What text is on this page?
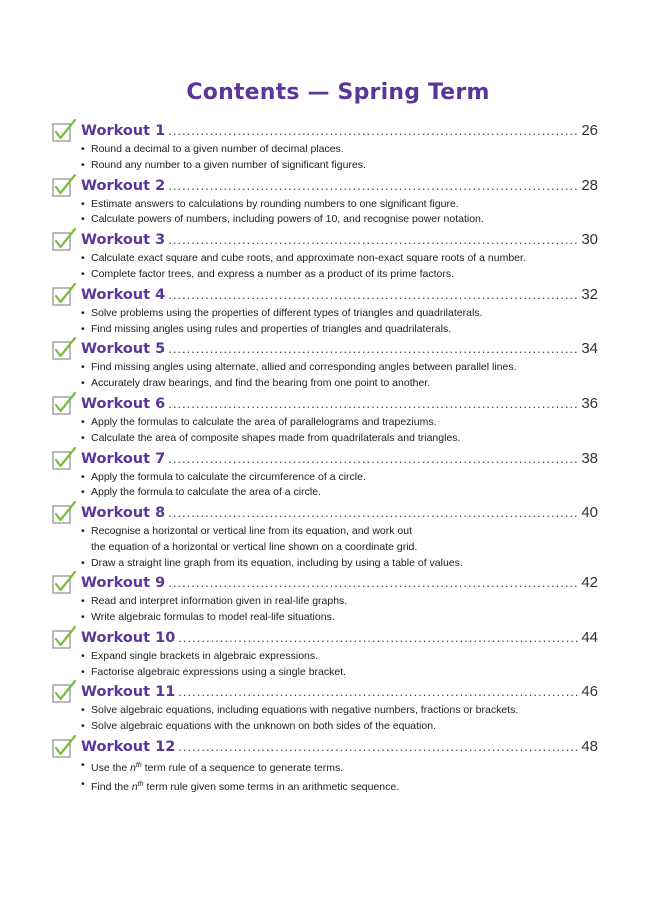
Contents — Spring Term
Workout 1 .....	26
• Round a decimal to a given number of decimal places.
• Round any number to a given number of significant figures.
Workout 2 .....	28
• Estimate answers to calculations by rounding numbers to one significant figure.
• Calculate powers of numbers, including powers of 10, and recognise power notation.
Workout 3 .....	30
• Calculate exact square and cube roots, and approximate non-exact square roots of a number.
• Complete factor trees, and express a number as a product of its prime factors.
Workout 4 .....	32
• Solve problems using the properties of different types of triangles and quadrilaterals.
• Find missing angles using rules and properties of triangles and quadrilaterals.
Workout 5 .....	34
• Find missing angles using alternate, allied and corresponding angles between parallel lines.
• Accurately draw bearings, and find the bearing from one point to another.
Workout 6 .....	36
• Apply the formulas to calculate the area of parallelograms and trapeziums.
• Calculate the area of composite shapes made from quadrilaterals and triangles.
Workout 7 .....	38
• Apply the formula to calculate the circumference of a circle.
• Apply the formula to calculate the area of a circle.
Workout 8 .....	40
• Recognise a horizontal or vertical line from its equation, and work out
the equation of a horizontal or vertical line shown on a coordinate grid.
• Draw a straight line graph from its equation, including by using a table of values.
Workout 9 .....	42
• Read and interpret information given in real-life graphs.
• Write algebraic formulas to model real-life situations.
Workout 10 .....	44
• Expand single brackets in algebraic expressions.
• Factorise algebraic expressions using a single bracket.
Workout 11 .....	46
• Solve algebraic equations, including equations with negative numbers, fractions or brackets.
• Solve algebraic equations with the unknown on both sides of the equation.
Workout 12 .....	48
• Use the $n^{th}$ term rule of a sequence to generate terms.
• Find the $n^{th}$ term rule given some terms in an arithmetic sequence.
